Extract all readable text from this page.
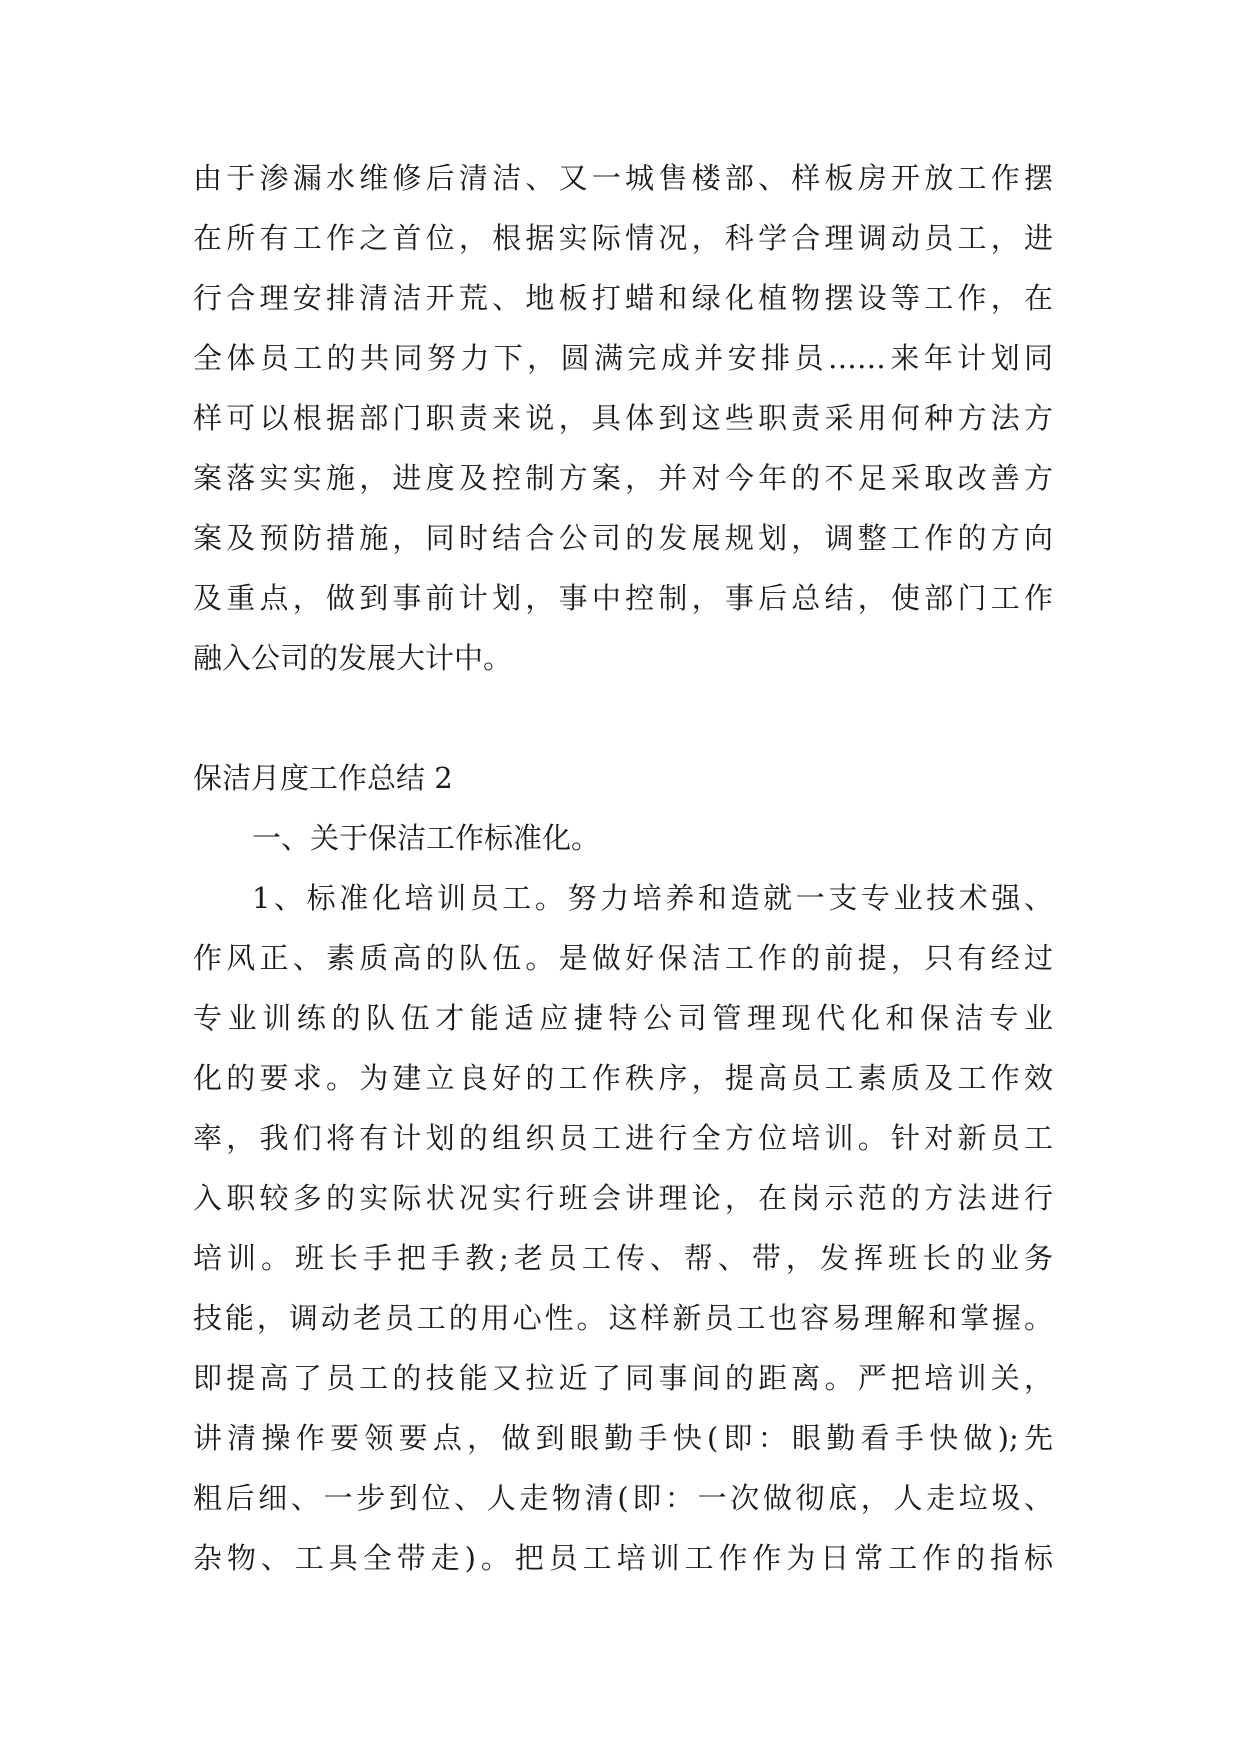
由于渗漏水维修后清洁、又一城售楼部、样板房开放工作摆
在所有工作之首位，根据实际情况，科学合理调动员工，进
行合理安排清洁开荒、地板打蜡和绿化植物摆设等工作，在
全体员工的共同努力下，圆满完成并安排员……来年计划同
样可以根据部门职责来说，具体到这些职责采用何种方法方
案落实实施，进度及控制方案，并对今年的不足采取改善方
案及预防措施，同时结合公司的发展规划，调整工作的方向
及重点，做到事前计划，事中控制，事后总结，使部门工作
融入公司的发展大计中。
保洁月度工作总结 2
一、关于保洁工作标准化。
1、标准化培训员工。努力培养和造就一支专业技术强、
作风正、素质高的队伍。是做好保洁工作的前提，只有经过
专业训练的队伍才能适应捷特公司管理现代化和保洁专业
化的要求。为建立良好的工作秩序，提高员工素质及工作效
率，我们将有计划的组织员工进行全方位培训。针对新员工
入职较多的实际状况实行班会讲理论，在岗示范的方法进行
培训。班长手把手教;老员工传、帮、带，发挥班长的业务
技能，调动老员工的用心性。这样新员工也容易理解和掌握。
即提高了员工的技能又拉近了同事间的距离。严把培训关，
讲清操作要领要点，做到眼勤手快(即：眼勤看手快做);先
粗后细、一步到位、人走物清(即：一次做彻底，人走垃圾、
杂物、工具全带走)。把员工培训工作作为日常工作的指标
